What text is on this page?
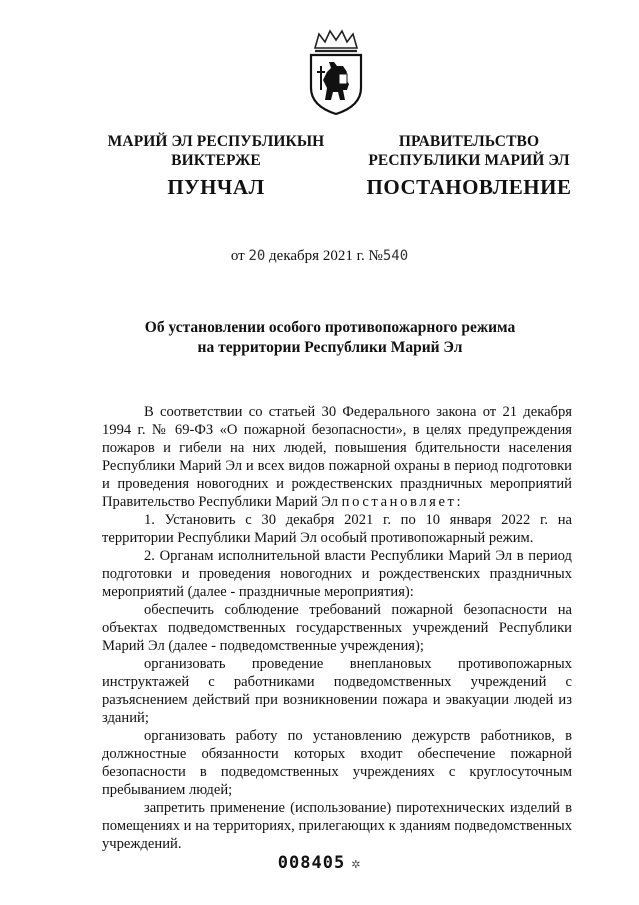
МАРИЙ ЭЛ РЕСПУБЛИКЫН
ВИКТЕРЖЕ
ПУНЧАЛ
ПРАВИТЕЛЬСТВО
РЕСПУБЛИКИ МАРИЙ ЭЛ
ПОСТАНОВЛЕНИЕ
от 20 декабря 2021 г. №540
Об установлении особого противопожарного режима
на территории Республики Марий Эл

В соответствии со статьей 30 Федерального закона от 21 декабря 1994 г. № 69-ФЗ «О пожарной безопасности», в целях предупреждения пожаров и гибели на них людей, повышения бдительности населения Республики Марий Эл и всех видов пожарной охраны в период подготовки и проведения новогодних и рождественских праздничных мероприятий Правительство Республики Марий Эл постановляет:

1. Установить с 30 декабря 2021 г. по 10 января 2022 г. на территории Республики Марий Эл особый противопожарный режим.

2. Органам исполнительной власти Республики Марий Эл в период подготовки и проведения новогодних и рождественских праздничных мероприятий (далее - праздничные мероприятия):

обеспечить соблюдение требований пожарной безопасности на объектах подведомственных государственных учреждений Республики Марий Эл (далее - подведомственные учреждения);

организовать проведение внеплановых противопожарных инструктажей с работниками подведомственных учреждений с разъяснением действий при возникновении пожара и эвакуации людей из зданий;

организовать работу по установлению дежурств работников, в должностные обязанности которых входит обеспечение пожарной безопасности в подведомственных учреждениях с круглосуточным пребыванием людей;

запретить применение (использование) пиротехнических изделий в помещениях и на территориях, прилегающих к зданиям подведомственных учреждений.

008405 ✲
